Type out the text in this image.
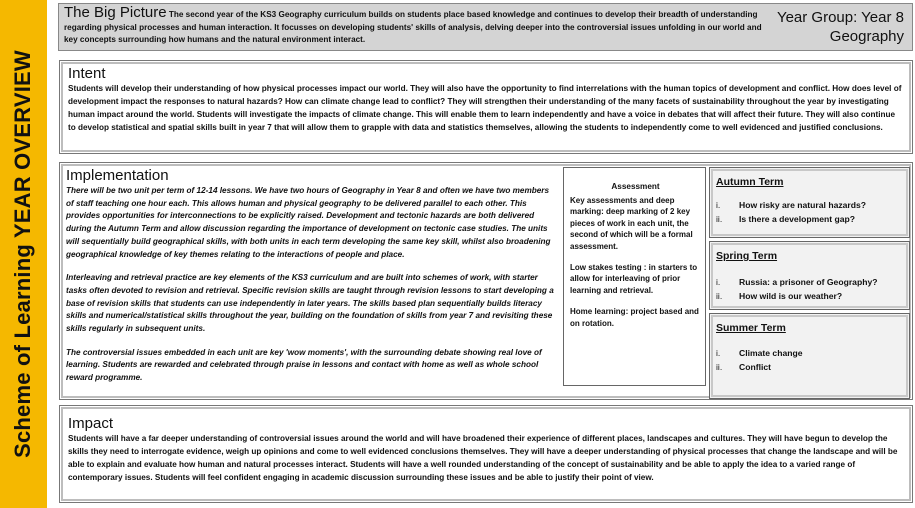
Scheme of Learning YEAR OVERVIEW
The Big Picture The second year of the KS3 Geography curriculum builds on students place based knowledge and continues to develop their breadth of understanding regarding physical processes and human interaction. It focusses on developing students' skills of analysis, delving deeper into the controversial issues unfolding in our world and key concepts surrounding how humans and the natural environment interact.
Year Group: Year 8 Geography
Intent
Students will develop their understanding of how physical processes impact our world. They will also have the opportunity to find interrelations with the human topics of development and conflict. How does level of development impact the responses to natural hazards? How can climate change lead to conflict? They will strengthen their understanding of the many facets of sustainability throughout the year by investigating human impact around the world. Students will investigate the impacts of climate change. This will enable them to learn independently and have a voice in debates that will affect their future. They will also continue to develop statistical and spatial skills built in year 7 that will allow them to grapple with data and statistics themselves, allowing the students to independently come to well evidenced and justified conclusions.
Implementation
There will be two unit per term of 12-14 lessons. We have two hours of Geography in Year 8 and often we have two members of staff teaching one hour each. This allows human and physical geography to be delivered parallel to each other. This provides opportunities for interconnections to be explicitly raised. Development and tectonic hazards are both delivered during the Autumn Term and allow discussion regarding the importance of development on tectonic case studies. The units will sequentially build geographical skills, with both units in each term developing the same key skill, whilst also broadening geographical knowledge of key themes relating to the interactions of people and place.
Interleaving and retrieval practice are key elements of the KS3 curriculum and are built into schemes of work, with starter tasks often devoted to revision and retrieval. Specific revision skills are taught through revision lessons to start developing a base of revision skills that students can use independently in later years. The skills based plan sequentially builds literacy skills and numerical/statistical skills throughout the year, building on the foundation of skills from year 7 and revisiting these skills regularly in subsequent units.
The controversial issues embedded in each unit are key 'wow moments', with the surrounding debate showing real love of learning. Students are rewarded and celebrated through praise in lessons and contact with home as well as whole school reward programme.
Assessment
Key assessments and deep marking: deep marking of 2 key pieces of work in each unit, the second of which will be a formal assessment.
Low stakes testing : in starters to allow for interleaving of prior learning and retrieval.
Home learning: project based and on rotation.
Autumn Term
i.	How risky are natural hazards?
ii.	Is there a development gap?
Spring Term
i.	Russia: a prisoner of Geography?
ii.	How wild is our weather?
Summer Term
i.	Climate change
ii.	Conflict
Impact
Students will have a far deeper understanding of controversial issues around the world and will have broadened their experience of different places, landscapes and cultures. They will have begun to develop the skills they need to interrogate evidence, weigh up opinions and come to well evidenced conclusions themselves. They will have a deeper understanding of physical processes that change the landscape and will be able to explain and evaluate how human and natural processes interact. Students will have a well rounded understanding of the concept of sustainability and be able to apply the idea to a varied range of contemporary issues. Students will feel confident engaging in academic discussion surrounding these issues and be able to justify their point of view.
